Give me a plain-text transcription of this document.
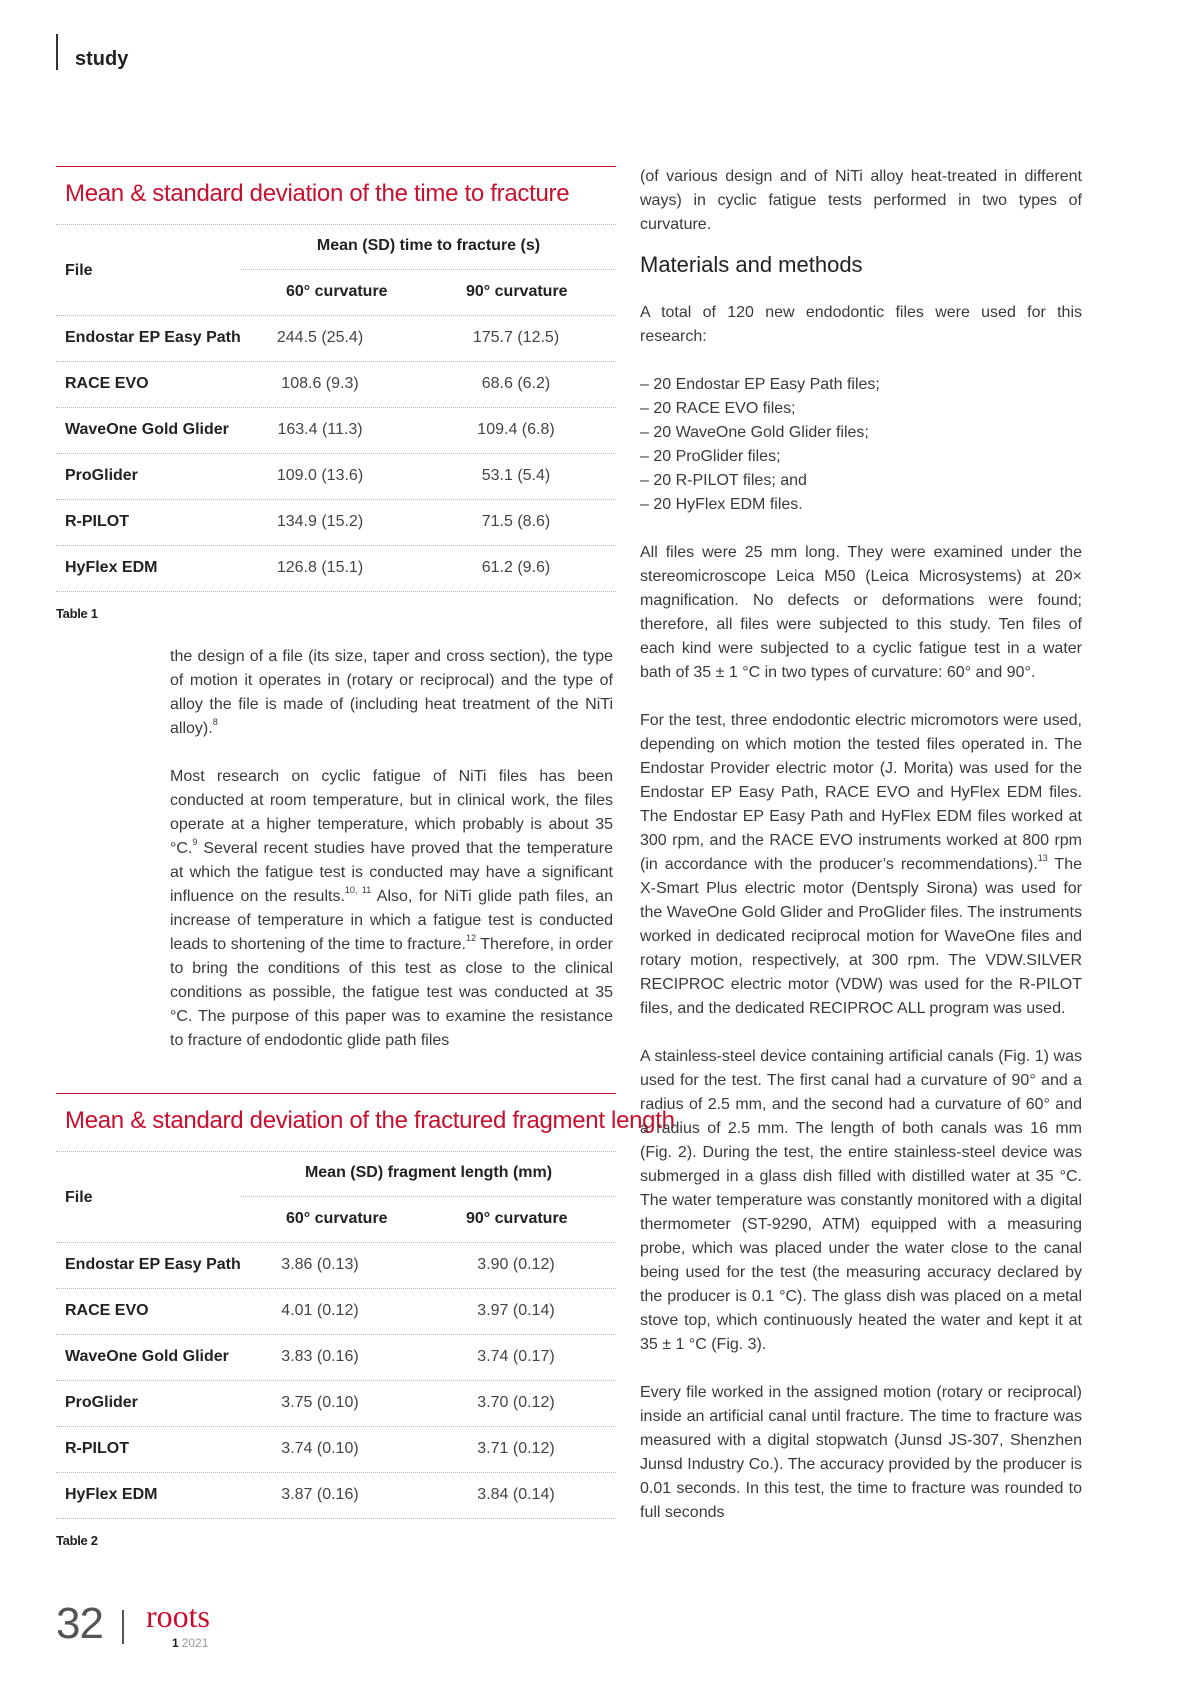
study
Mean & standard deviation of the time to fracture
File
Mean (SD) time to fracture (s)
60° curvature	90° curvature
Endostar EP Easy Path	244.5 (25.4)	175.7 (12.5)
RACE EVO	108.6 (9.3)	68.6 (6.2)
WaveOne Gold Glider	163.4 (11.3)	109.4 (6.8)
ProGlider	109.0 (13.6)	53.1 (5.4)
R-PILOT	134.9 (15.2)	71.5 (8.6)
HyFlex EDM	126.8 (15.1)	61.2 (9.6)
Table 1

the design of a file (its size, taper and cross section), the type of motion it operates in (rotary or reciprocal) and the type of alloy the file is made of (including heat treatment of the NiTi alloy).$^8$

Most research on cyclic fatigue of NiTi files has been conducted at room temperature, but in clinical work, the files operate at a higher temperature, which probably is about 35 °C.$^9$ Several recent studies have proved that the temperature at which the fatigue test is conducted may have a significant influence on the results.$^{10, 11}$ Also, for NiTi glide path files, an increase of temperature in which a fatigue test is conducted leads to shortening of the time to fracture.$^{12}$ Therefore, in order to bring the conditions of this test as close to the clinical conditions as possible, the fatigue test was conducted at 35 °C. The purpose of this paper was to examine the resistance to fracture of endodontic glide path files

Mean & standard deviation of the fractured fragment length
File
Mean (SD) fragment length (mm)
60° curvature	90° curvature
Endostar EP Easy Path	3.86 (0.13)	3.90 (0.12)
RACE EVO	4.01 (0.12)	3.97 (0.14)
WaveOne Gold Glider	3.83 (0.16)	3.74 (0.17)
ProGlider	3.75 (0.10)	3.70 (0.12)
R-PILOT	3.74 (0.10)	3.71 (0.12)
HyFlex EDM	3.87 (0.16)	3.84 (0.14)
Table 2

(of various design and of NiTi alloy heat-treated in different ways) in cyclic fatigue tests performed in two types of curvature.

Materials and methods

A total of 120 new endodontic files were used for this research:

– 20 Endostar EP Easy Path files;
– 20 RACE EVO files;
– 20 WaveOne Gold Glider files;
– 20 ProGlider files;
– 20 R-PILOT files; and
– 20 HyFlex EDM files.

All files were 25 mm long. They were examined under the stereomicroscope Leica M50 (Leica Microsystems) at 20× magnification. No defects or deformations were found; therefore, all files were subjected to this study. Ten files of each kind were subjected to a cyclic fatigue test in a water bath of 35 ± 1 °C in two types of curvature: 60° and 90°.

For the test, three endodontic electric micromotors were used, depending on which motion the tested files operated in. The Endostar Provider electric motor (J. Morita) was used for the Endostar EP Easy Path, RACE EVO and HyFlex EDM files. The Endostar EP Easy Path and HyFlex EDM files worked at 300 rpm, and the RACE EVO instruments worked at 800 rpm (in accordance with the producer’s recommendations).$^{13}$ The X-Smart Plus electric motor (Dentsply Sirona) was used for the WaveOne Gold Glider and ProGlider files. The instruments worked in dedicated reciprocal motion for WaveOne files and rotary motion, respectively, at 300 rpm. The VDW.SILVER RECIPROC electric motor (VDW) was used for the R-PILOT files, and the dedicated RECIPROC ALL program was used.

A stainless-steel device containing artificial canals (Fig. 1) was used for the test. The first canal had a curvature of 90° and a radius of 2.5 mm, and the second had a curvature of 60° and a radius of 2.5 mm. The length of both canals was 16 mm (Fig. 2). During the test, the entire stainless-steel device was submerged in a glass dish filled with distilled water at 35 °C. The water temperature was constantly monitored with a digital thermometer (ST-9290, ATM) equipped with a measuring probe, which was placed under the water close to the canal being used for the test (the measuring accuracy declared by the producer is 0.1 °C). The glass dish was placed on a metal stove top, which continuously heated the water and kept it at 35 ± 1 °C (Fig. 3).

Every file worked in the assigned motion (rotary or reciprocal) inside an artificial canal until fracture. The time to fracture was measured with a digital stopwatch (Junsd JS-307, Shenzhen Junsd Industry Co.). The accuracy provided by the producer is 0.01 seconds. In this test, the time to fracture was rounded to full seconds

32 roots
1 2021
